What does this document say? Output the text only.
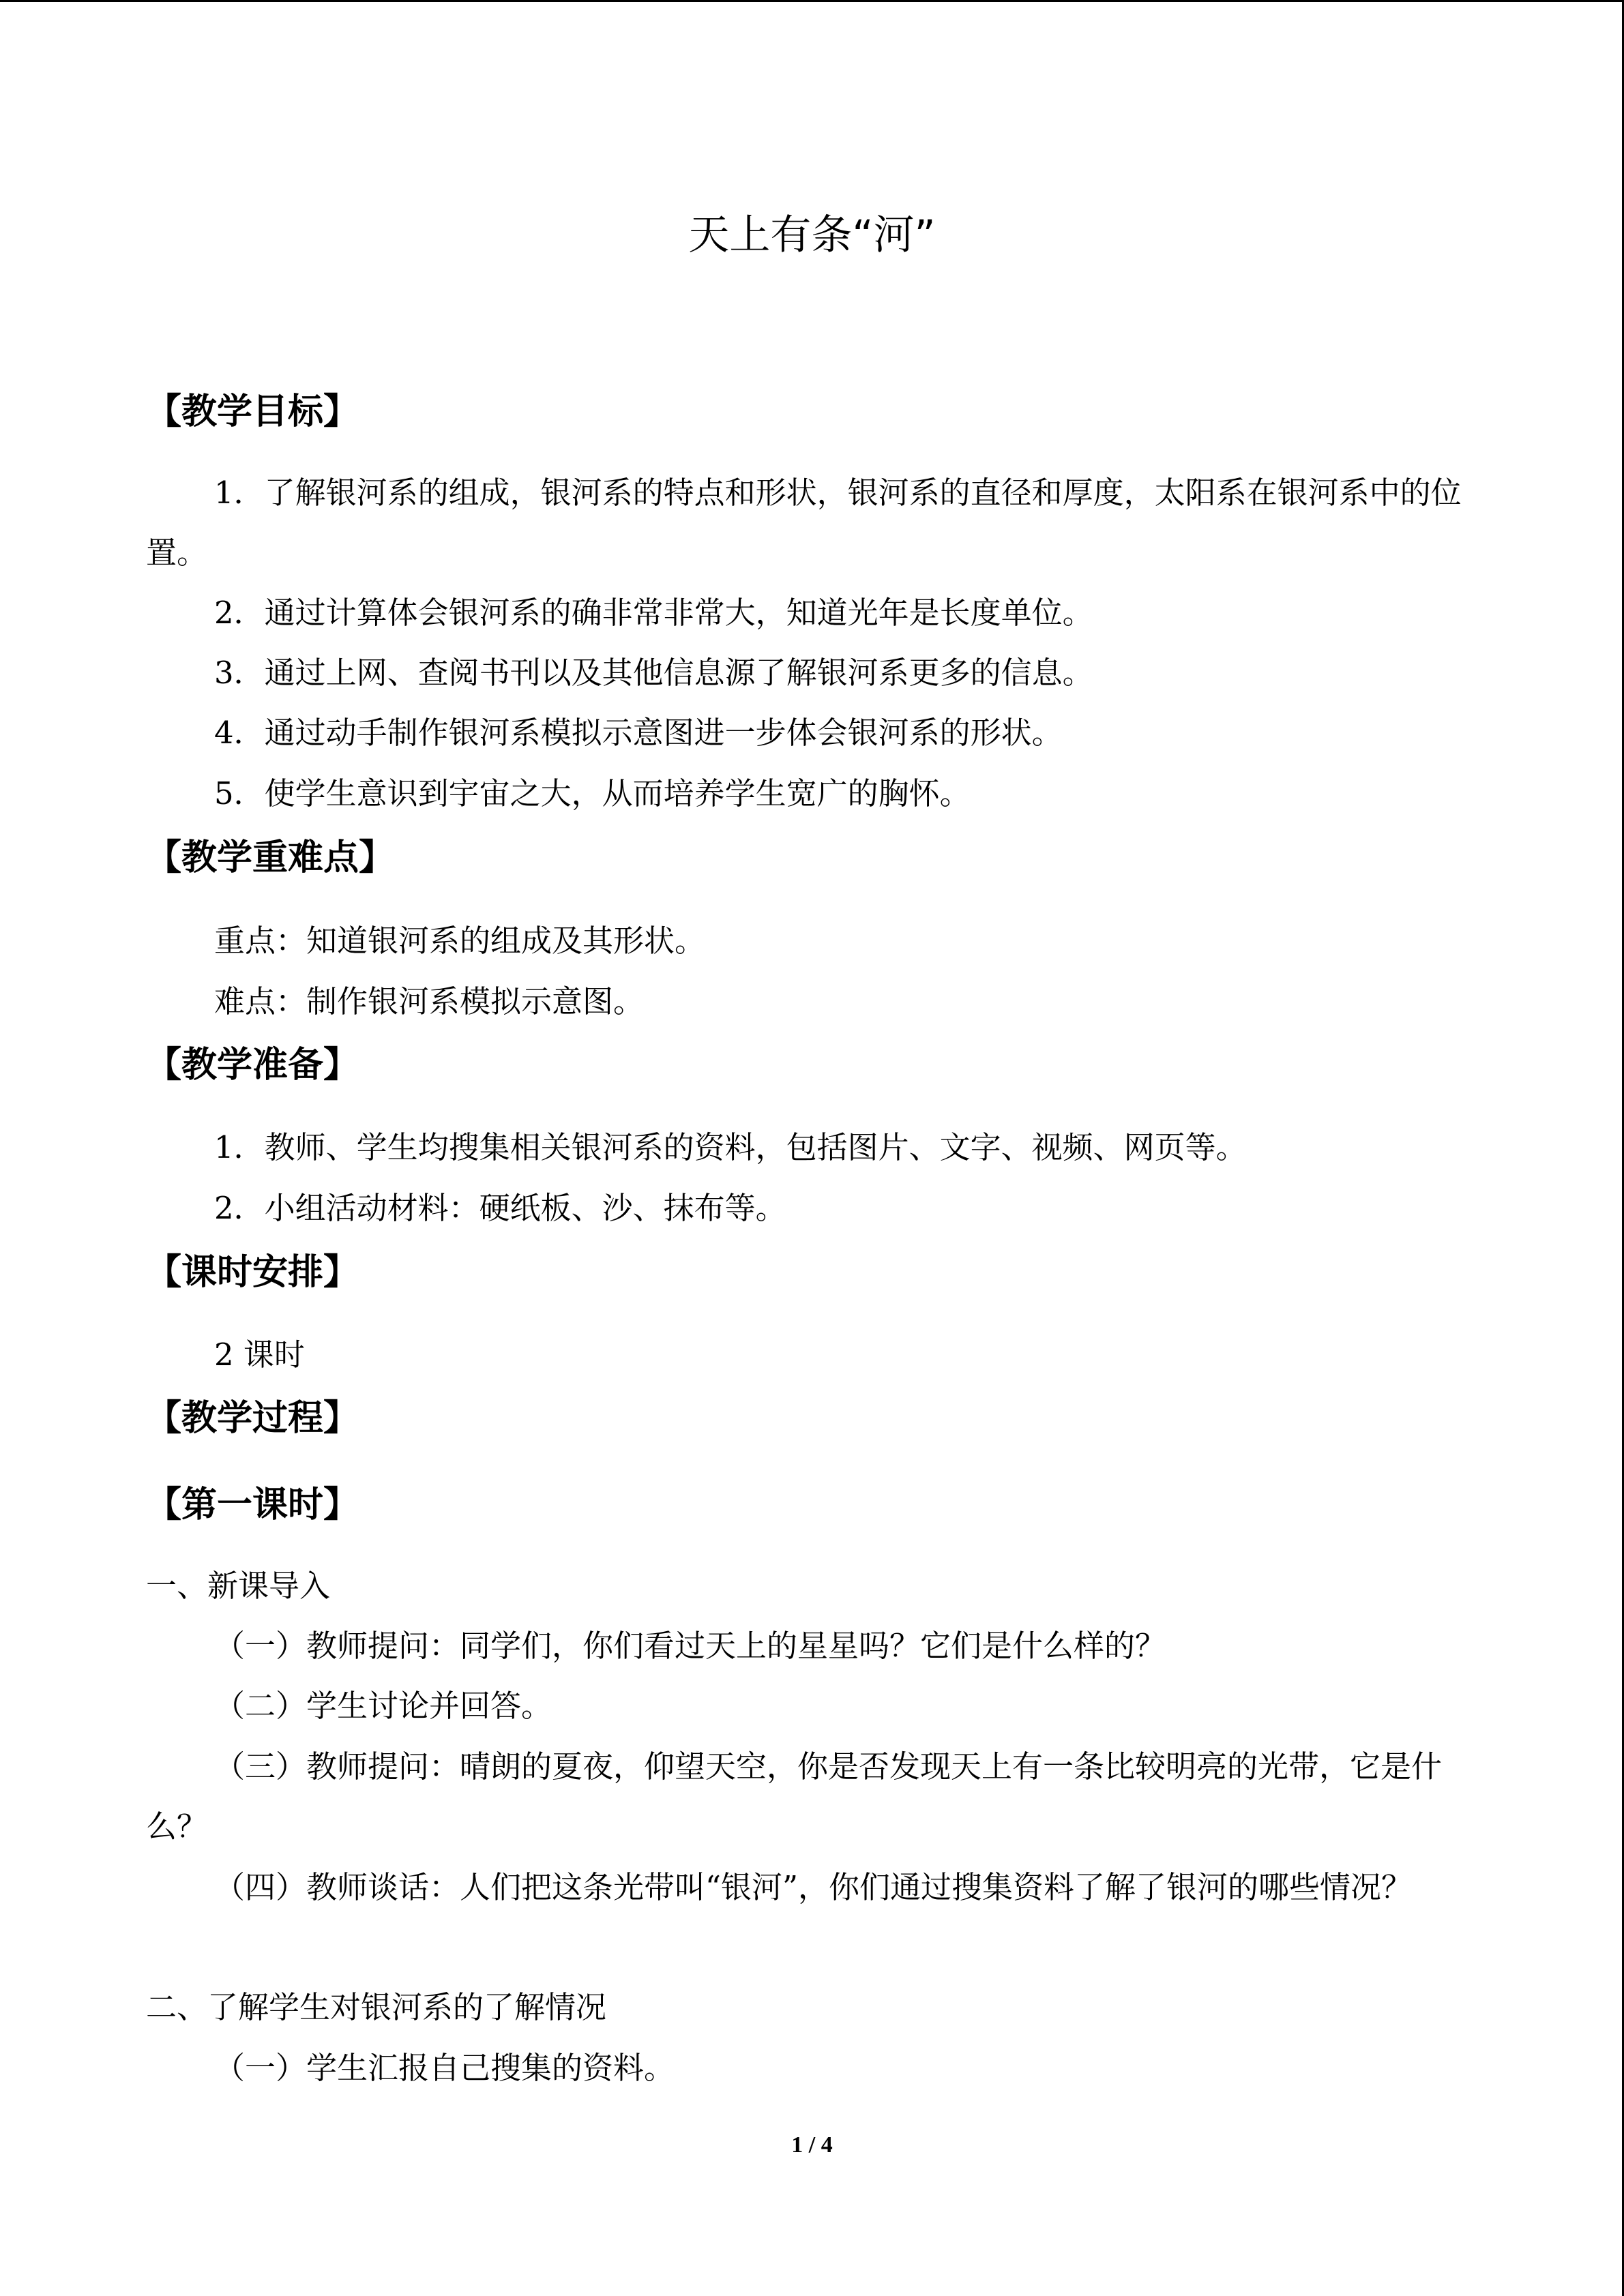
天上有条“河”
【教学目标】
1．了解银河系的组成，银河系的特点和形状，银河系的直径和厚度，太阳系在银河系中的位置。
2．通过计算体会银河系的确非常非常大，知道光年是长度单位。
3．通过上网、查阅书刊以及其他信息源了解银河系更多的信息。
4．通过动手制作银河系模拟示意图进一步体会银河系的形状。
5．使学生意识到宇宙之大，从而培养学生宽广的胸怀。
【教学重难点】
重点：知道银河系的组成及其形状。
难点：制作银河系模拟示意图。
【教学准备】
1．教师、学生均搜集相关银河系的资料，包括图片、文字、视频、网页等。
2．小组活动材料：硬纸板、沙、抹布等。
【课时安排】
2 课时
【教学过程】
【第一课时】
一、新课导入
（一）教师提问：同学们，你们看过天上的星星吗？它们是什么样的？
（二）学生讨论并回答。
（三）教师提问：晴朗的夏夜，仰望天空，你是否发现天上有一条比较明亮的光带，它是什么？
（四）教师谈话：人们把这条光带叫“银河”，你们通过搜集资料了解了银河的哪些情况？
二、了解学生对银河系的了解情况
（一）学生汇报自己搜集的资料。
1 / 4
